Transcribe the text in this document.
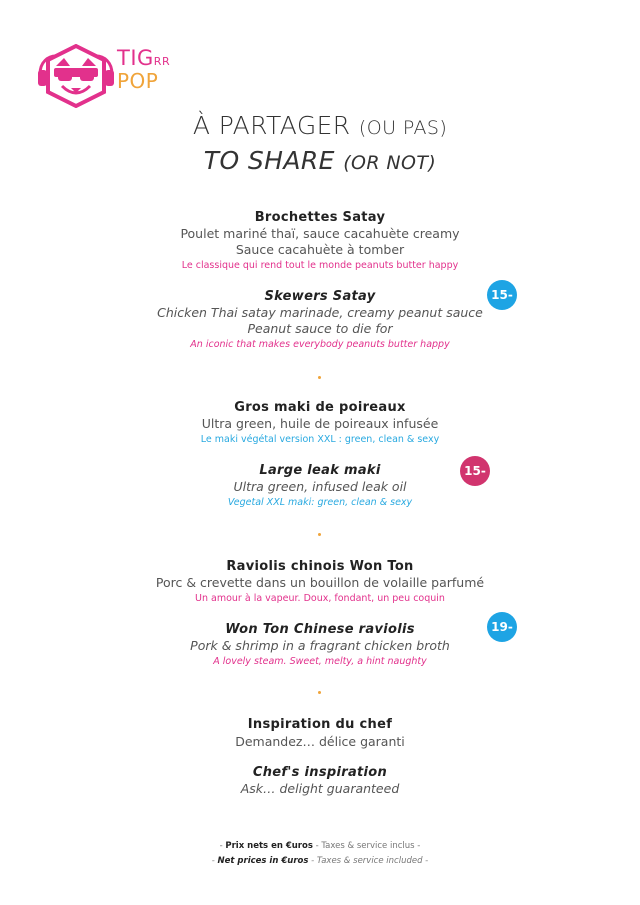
TIGRR
POP
À PARTAGER (OU PAS)
TO SHARE (OR NOT)
Brochettes Satay
Poulet mariné thaï, sauce cacahuète creamy
Sauce cacahuète à tomber
Le classique qui rend tout le monde peanuts butter happy
Skewers Satay
Chicken Thai satay marinade, creamy peanut sauce
Peanut sauce to die for
An iconic that makes everybody peanuts butter happy
15-
Gros maki de poireaux
Ultra green, huile de poireaux infusée
Le maki végétal version XXL : green, clean & sexy
Large leak maki
Ultra green, infused leak oil
Vegetal XXL maki: green, clean & sexy
15-
Raviolis chinois Won Ton
Porc & crevette dans un bouillon de volaille parfumé
Un amour à la vapeur. Doux, fondant, un peu coquin
Won Ton Chinese raviolis
Pork & shrimp in a fragrant chicken broth
A lovely steam. Sweet, melty, a hint naughty
19-
Inspiration du chef
Demandez… délice garanti
Chef's inspiration
Ask… delight guaranteed
- Prix nets en €uros - Taxes & service inclus -
- Net prices in €uros - Taxes & service included -
